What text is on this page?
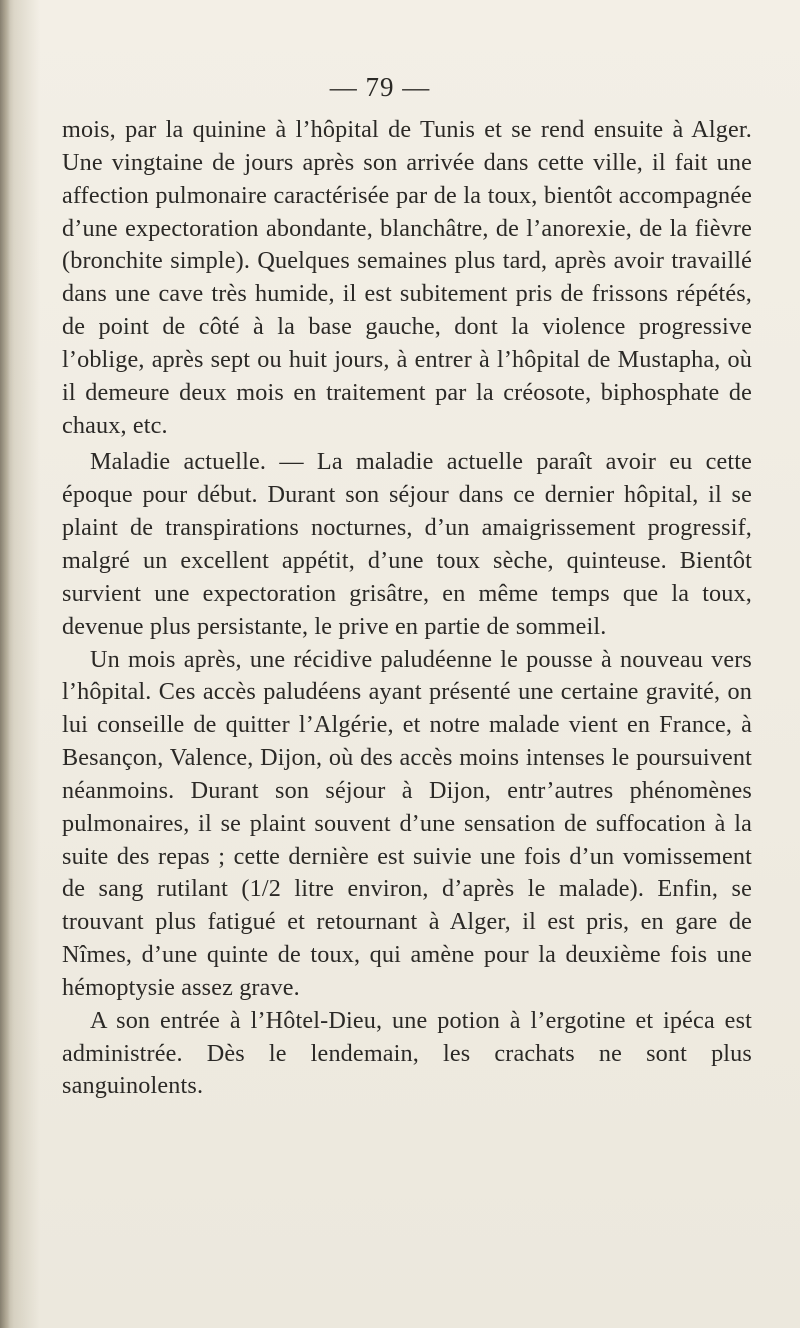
— 79 —

mois, par la quinine à l’hôpital de Tunis et se rend ensuite à Alger. Une vingtaine de jours après son arrivée dans cette ville, il fait une affection pulmonaire caractérisée par de la toux, bientôt accompagnée d’une expectoration abondante, blanchâtre, de l’anorexie, de la fièvre (bronchite simple). Quelques semaines plus tard, après avoir travaillé dans une cave très humide, il est subitement pris de frissons répétés, de point de côté à la base gauche, dont la violence progressive l’oblige, après sept ou huit jours, à entrer à l’hôpital de Mustapha, où il demeure deux mois en traitement par la créosote, biphosphate de chaux, etc.

Maladie actuelle. — La maladie actuelle paraît avoir eu cette époque pour début. Durant son séjour dans ce dernier hôpital, il se plaint de transpirations nocturnes, d’un amaigrissement progressif, malgré un excellent appétit, d’une toux sèche, quinteuse. Bientôt survient une expectoration grisâtre, en même temps que la toux, devenue plus persistante, le prive en partie de sommeil.

Un mois après, une récidive paludéenne le pousse à nouveau vers l’hôpital. Ces accès paludéens ayant présenté une certaine gravité, on lui conseille de quitter l’Algérie, et notre malade vient en France, à Besançon, Valence, Dijon, où des accès moins intenses le poursuivent néanmoins. Durant son séjour à Dijon, entr’autres phénomènes pulmonaires, il se plaint souvent d’une sensation de suffocation à la suite des repas ; cette dernière est suivie une fois d’un vomissement de sang rutilant (1/2 litre environ, d’après le malade). Enfin, se trouvant plus fatigué et retournant à Alger, il est pris, en gare de Nîmes, d’une quinte de toux, qui amène pour la deuxième fois une hémoptysie assez grave.

A son entrée à l’Hôtel-Dieu, une potion à l’ergotine et ipéca est administrée. Dès le lendemain, les crachats ne sont plus sanguinolents.
